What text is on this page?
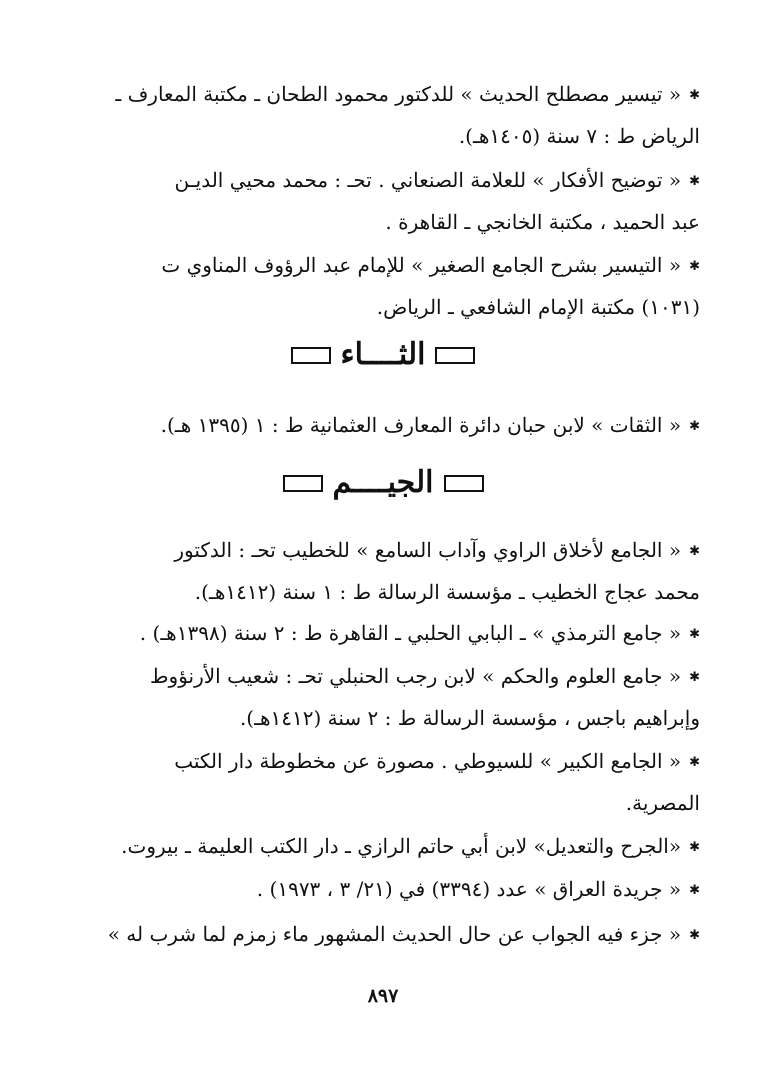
✱« تيسير مصطلح الحديث » للدكتور محمود الطحان ـ مكتبة المعارف ـ
الرياض ط : ٧ سنة (١٤٠٥هـ).
✱« توضيح الأفكار » للعلامة الصنعاني . تحـ : محمد محيي الديـن
عبد الحميد ، مكتبة الخانجي ـ القاهرة .
✱« التيسير بشرح الجامع الصغير » للإمام عبد الرؤوف المناوي ت
(١٠٣١) مكتبة الإمام الشافعي ـ الرياض.
الثــــاء
✱« الثقات » لابن حبان دائرة المعارف العثمانية ط : ١ (١٣٩٥ هـ).
الجيــــم
✱« الجامع لأخلاق الراوي وآداب السامع » للخطيب تحـ : الدكتور
محمد عجاج الخطيب ـ مؤسسة الرسالة ط : ١ سنة (١٤١٢هـ).
✱« جامع الترمذي » ـ البابي الحلبي ـ القاهرة ط : ٢ سنة (١٣٩٨هـ) .
✱« جامع العلوم والحكم » لابن رجب الحنبلي تحـ : شعيب الأرنؤوط
وإبراهيم باجس ، مؤسسة الرسالة ط : ٢ سنة (١٤١٢هـ).
✱« الجامع الكبير » للسيوطي . مصورة عن مخطوطة دار الكتب
المصرية.
✱«الجرح والتعديل» لابن أبي حاتم الرازي ـ دار الكتب العليمة ـ بيروت.
✱« جريدة العراق » عدد (٣٣٩٤) في (٢١/ ٣ ، ١٩٧٣) .
✱« جزء فيه الجواب عن حال الحديث المشهور ماء زمزم لما شرب له »
٨٩٧
